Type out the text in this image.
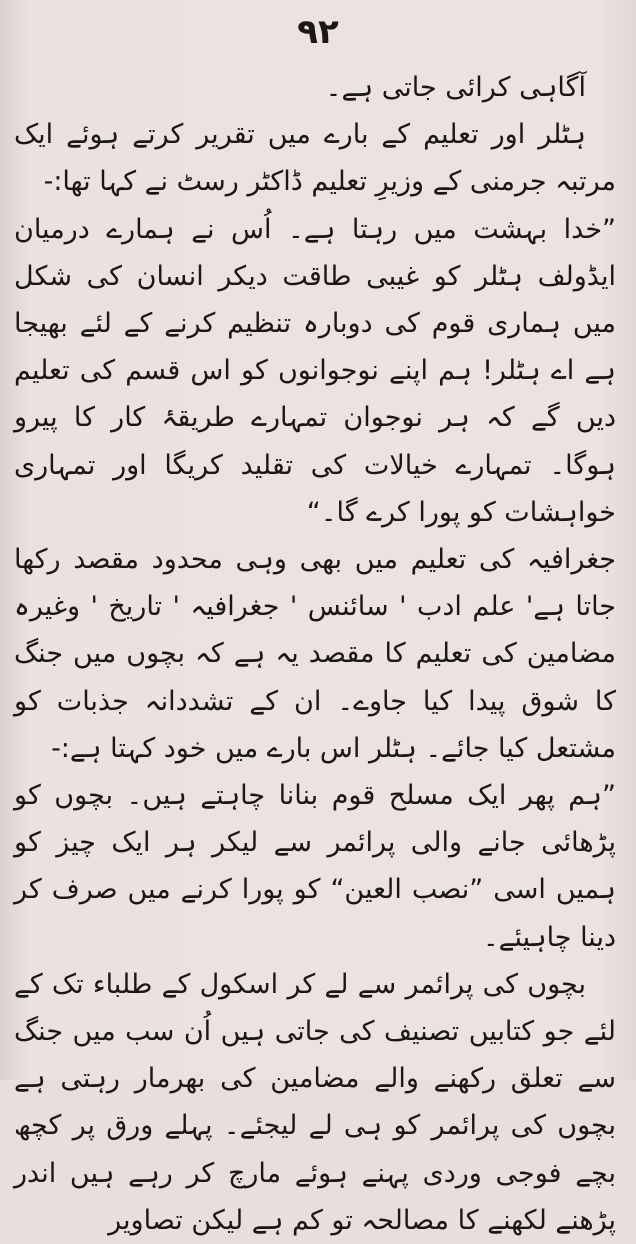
۹۲

آگاہی کرائی جاتی ہے۔

ہٹلر اور تعلیم کے بارے میں تقریر کرتے ہوئے ایک مرتبہ جرمنی کے وزیرِ تعلیم ڈاکٹر رسٹ نے کہا تھا:-

”خدا بہشت میں رہتا ہے۔ اُس نے ہمارے درمیان ایڈولف ہٹلر کو غیبی طاقت دیکر انسان کی شکل میں ہماری قوم کی دوبارہ تنظیم کرنے کے لئے بھیجا ہے اے ہٹلر! ہم اپنے نوجوانوں کو اس قسم کی تعلیم دیں گے کہ ہر نوجوان تمہارے طریقۂ کار کا پیرو ہوگا۔ تمہارے خیالات کی تقلید کریگا اور تمہاری خواہشات کو پورا کرے گا۔“

جغرافیہ کی تعلیم میں بھی وہی محدود مقصد رکھا جاتا ہے' علم ادب ' سائنس ' جغرافیہ ' تاریخ ' وغیرہ مضامین کی تعلیم کا مقصد یہ ہے کہ بچوں میں جنگ کا شوق پیدا کیا جاوے۔ ان کے تشددانہ جذبات کو مشتعل کیا جائے۔ ہٹلر اس بارے میں خود کہتا ہے:-

”ہم پھر ایک مسلح قوم بنانا چاہتے ہیں۔ بچوں کو پڑھائی جانے والی پرائمر سے لیکر ہر ایک چیز کو ہمیں اسی ”نصب العین“ کو پورا کرنے میں صرف کر دینا چاہیئے۔

بچوں کی پرائمر سے لے کر اسکول کے طلباء تک کے لئے جو کتابیں تصنیف کی جاتی ہیں اُن سب میں جنگ سے تعلق رکھنے والے مضامین کی بھرمار رہتی ہے بچوں کی پرائمر کو ہی لے لیجئے۔ پہلے ورق پر کچھ بچے فوجی وردی پہنے ہوئے مارچ کر رہے ہیں اندر پڑھنے لکھنے کا مصالحہ تو کم ہے لیکن تصاویر
